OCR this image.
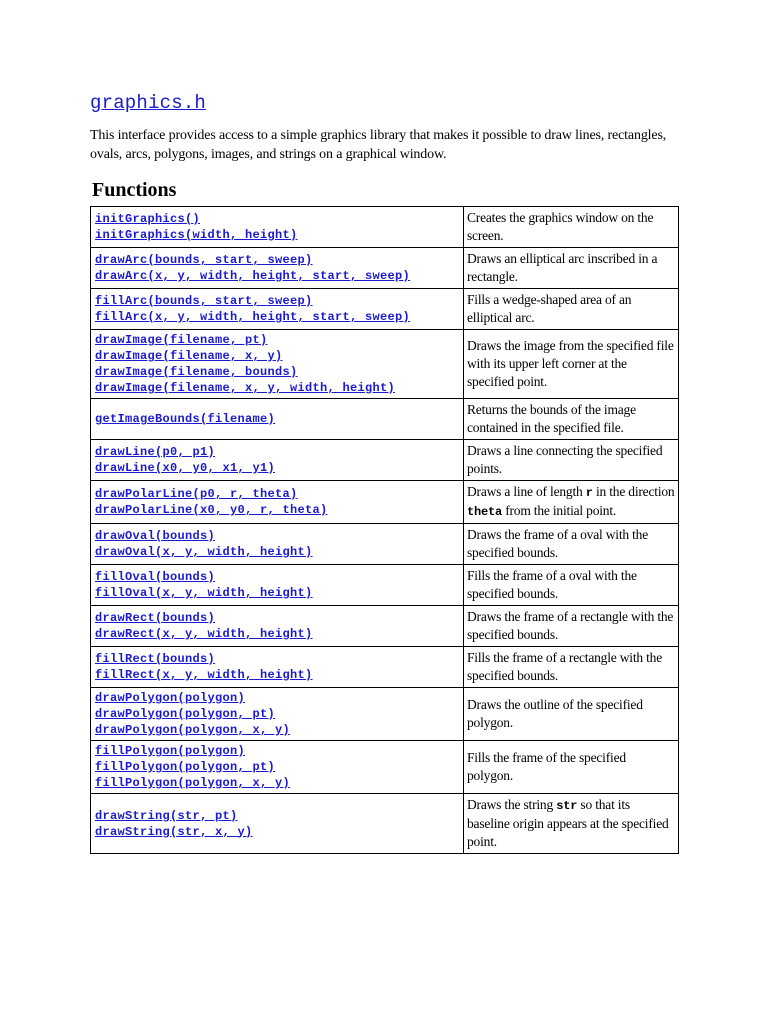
graphics.h

This interface provides access to a simple graphics library that makes it possible to draw lines, rectangles, ovals, arcs, polygons, images, and strings on a graphical window.

Functions
initGraphics()
initGraphics(width, height)	Creates the graphics window on the screen.

drawArc(bounds, start, sweep)
drawArc(x, y, width, height, start, sweep)	Draws an elliptical arc inscribed in a rectangle.

fillArc(bounds, start, sweep)
fillArc(x, y, width, height, start, sweep)	Fills a wedge-shaped area of an elliptical arc.

drawImage(filename, pt)
drawImage(filename, x, y)
drawImage(filename, bounds)
drawImage(filename, x, y, width, height)	Draws the image from the specified file with its upper left corner at the specified point.

getImageBounds(filename)	Returns the bounds of the image contained in the specified file.

drawLine(p0, p1)
drawLine(x0, y0, x1, y1)	Draws a line connecting the specified points.

drawPolarLine(p0, r, theta)
drawPolarLine(x0, y0, r, theta)	Draws a line of length r in the direction theta from the initial point.

drawOval(bounds)
drawOval(x, y, width, height)	Draws the frame of a oval with the specified bounds.

fillOval(bounds)
fillOval(x, y, width, height)	Fills the frame of a oval with the specified bounds.

drawRect(bounds)
drawRect(x, y, width, height)	Draws the frame of a rectangle with the specified bounds.

fillRect(bounds)
fillRect(x, y, width, height)	Fills the frame of a rectangle with the specified bounds.

drawPolygon(polygon)
drawPolygon(polygon, pt)
drawPolygon(polygon, x, y)	Draws the outline of the specified polygon.

fillPolygon(polygon)
fillPolygon(polygon, pt)
fillPolygon(polygon, x, y)	Fills the frame of the specified polygon.

drawString(str, pt)
drawString(str, x, y)	Draws the string str so that its baseline origin appears at the specified point.
